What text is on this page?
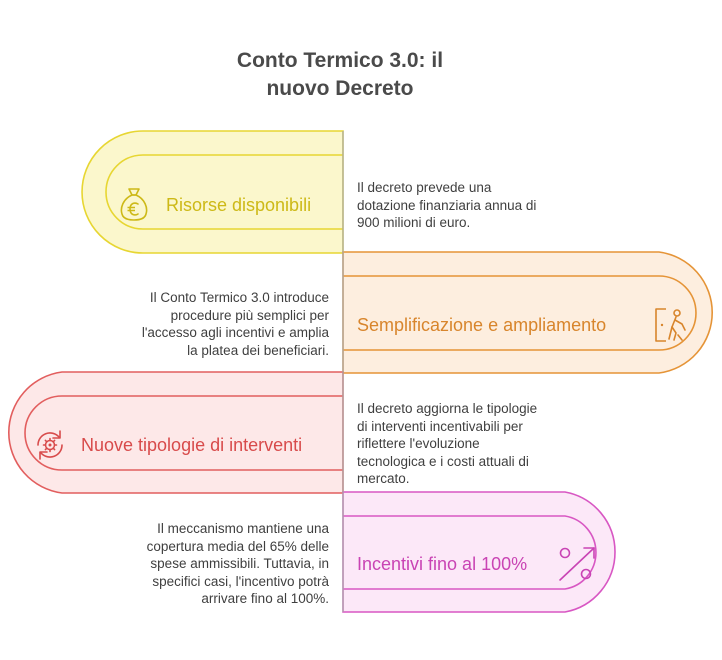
Conto Termico 3.0: il
nuovo Decreto
Risorse disponibili
Il decreto prevede una
dotazione finanziaria annua di
900 milioni di euro.
Semplificazione e ampliamento
Il Conto Termico 3.0 introduce
procedure più semplici per
l'accesso agli incentivi e amplia
la platea dei beneficiari.
Nuove tipologie di interventi
Il decreto aggiorna le tipologie
di interventi incentivabili per
riflettere l'evoluzione
tecnologica e i costi attuali di
mercato.
Incentivi fino al 100%
Il meccanismo mantiene una
copertura media del 65% delle
spese ammissibili. Tuttavia, in
specifici casi, l'incentivo potrà
arrivare fino al 100%.
